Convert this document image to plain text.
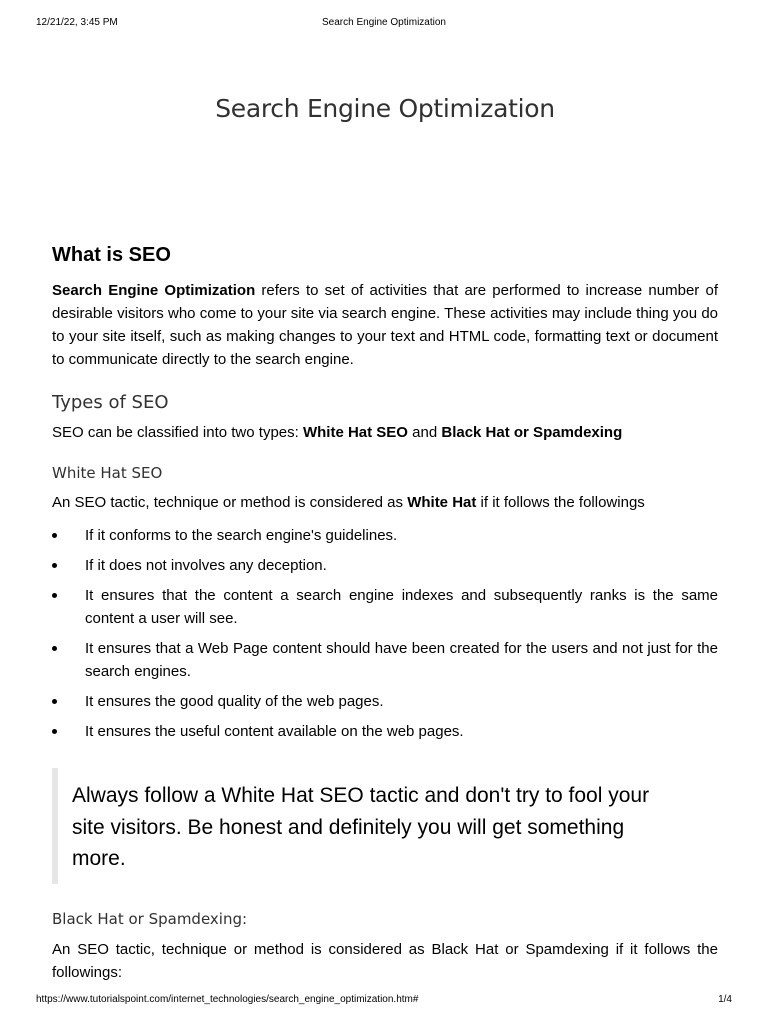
12/21/22, 3:45 PM	Search Engine Optimization
Search Engine Optimization
What is SEO

Search Engine Optimization refers to set of activities that are performed to increase number of desirable visitors who come to your site via search engine. These activities may include thing you do to your site itself, such as making changes to your text and HTML code, formatting text or document to communicate directly to the search engine.

Types of SEO

SEO can be classified into two types: White Hat SEO and Black Hat or Spamdexing

White Hat SEO

An SEO tactic, technique or method is considered as White Hat if it follows the followings

If it conforms to the search engine's guidelines.
If it does not involves any deception.
It ensures that the content a search engine indexes and subsequently ranks is the same content a user will see.
It ensures that a Web Page content should have been created for the users and not just for the search engines.
It ensures the good quality of the web pages.
It ensures the useful content available on the web pages.

Always follow a White Hat SEO tactic and don't try to fool your site visitors. Be honest and definitely you will get something more.

Black Hat or Spamdexing:

An SEO tactic, technique or method is considered as Black Hat or Spamdexing if it follows the followings:

https://www.tutorialspoint.com/internet_technologies/search_engine_optimization.htm#	1/4
